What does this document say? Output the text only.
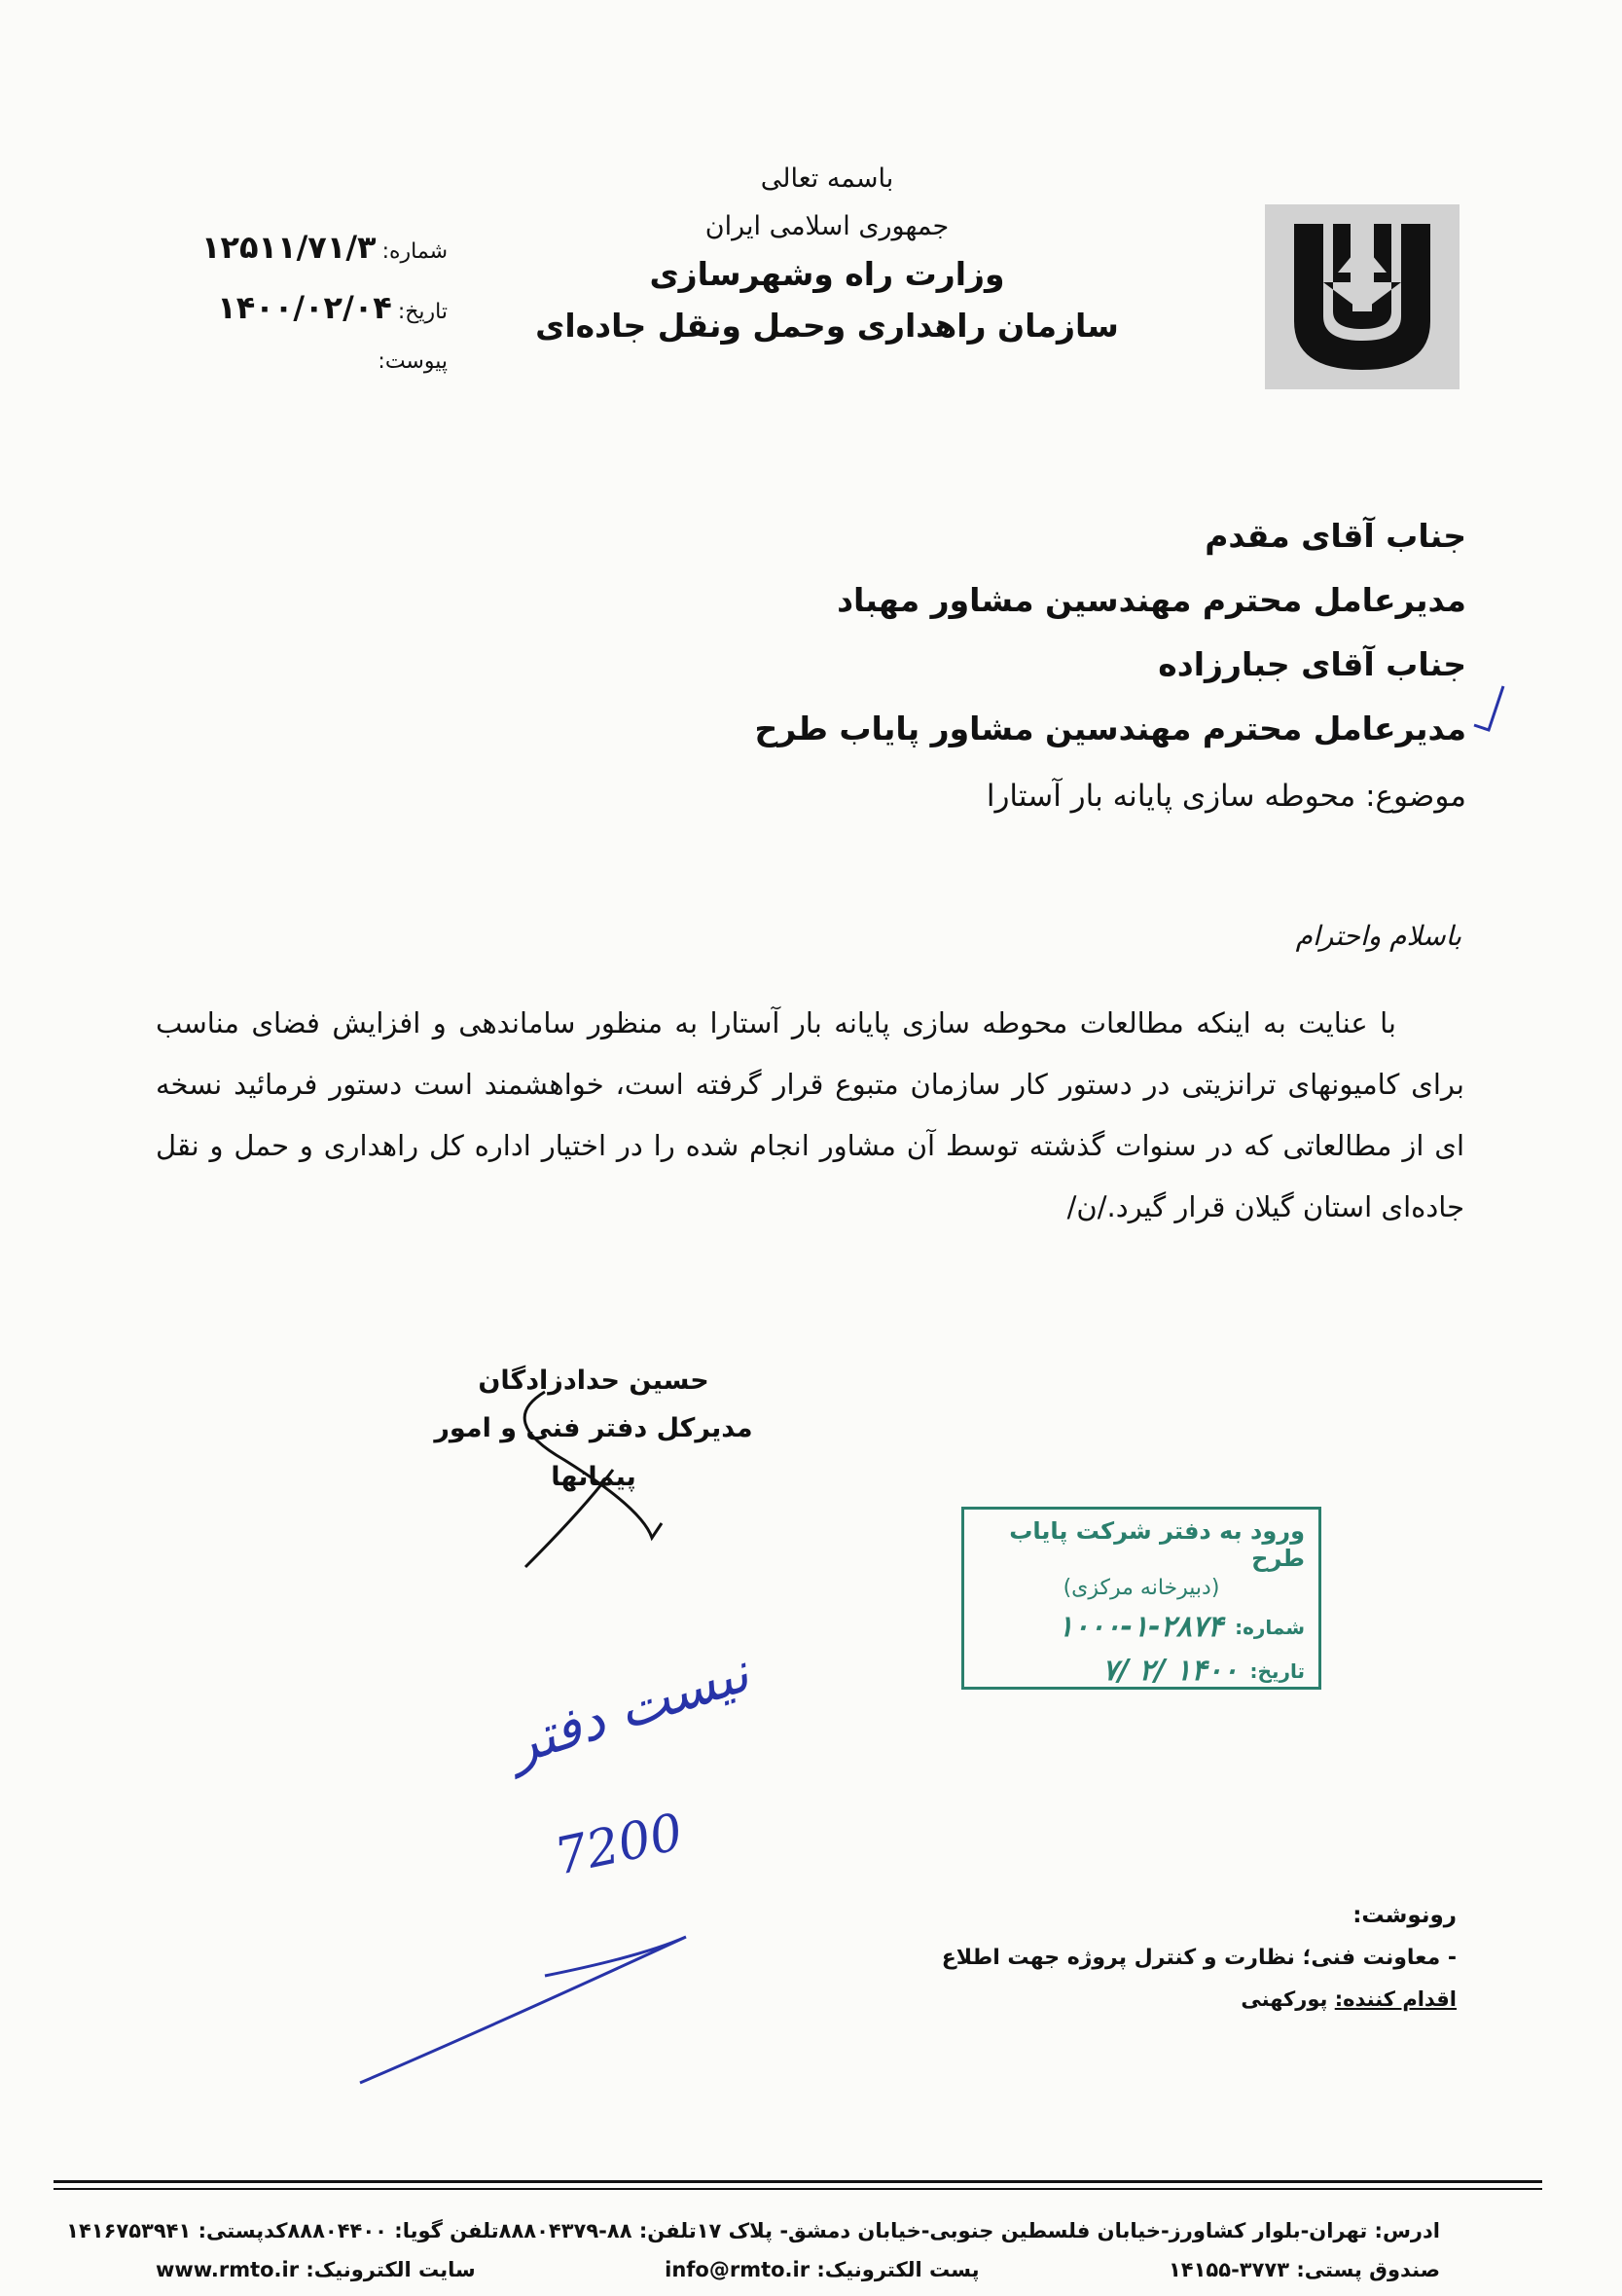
باسمه تعالی
جمهوری اسلامی ایران
وزارت راه وشهرسازی
سازمان راهداری وحمل ونقل جاده‌ای
شماره:
۱۲۵۱۱/۷۱/۳
تاریخ:
۱۴۰۰/۰۲/۰۴
پیوست:
جناب آقای مقدم
مدیرعامل محترم مهندسین مشاور مهباد
جناب آقای جبارزاده
مدیرعامل محترم مهندسین مشاور پایاب طرح
موضوع: محوطه سازی پایانه بار آستارا
باسلام واحترام
با عنایت به اینکه مطالعات محوطه سازی پایانه بار آستارا به منظور ساماندهی و افزایش فضای مناسب برای کامیونهای ترانزیتی در دستور کار سازمان متبوع قرار گرفته است، خواهشمند است دستور فرمائید نسخه ای از مطالعاتی که در سنوات گذشته توسط آن مشاور انجام شده را در اختیار اداره کل راهداری و حمل و نقل جاده‌ای استان گیلان قرار گیرد./ن/
حسین حدادزادگان
مدیرکل دفتر فنی و امور پیمانها
ورود به دفتر شرکت پایاب طرح
(دبیرخانه مرکزی)
شماره:
۱۰۰۰-۱-۲۸۷۴
تاریخ:
۷/ ۲/ ۱۴۰۰
نیست دفتر
7200
رونوشت:
- معاونت فنی؛ نظارت و کنترل پروژه جهت اطلاع
اقدام کننده: پورکهنی
ادرس: تهران-بلوار کشاورز-خیابان فلسطین جنوبی-خیابان دمشق- پلاک ۱۷
تلفن: ۸۸-۸۸۸۰۴۳۷۹
تلفن گویا: ۸۸۸۰۴۴۰۰
کدپستی: ۱۴۱۶۷۵۳۹۴۱
صندوق پستی: ۳۷۷۳-۱۴۱۵۵
پست الکترونیک: info@rmto.ir
سایت الکترونیک: www.rmto.ir
